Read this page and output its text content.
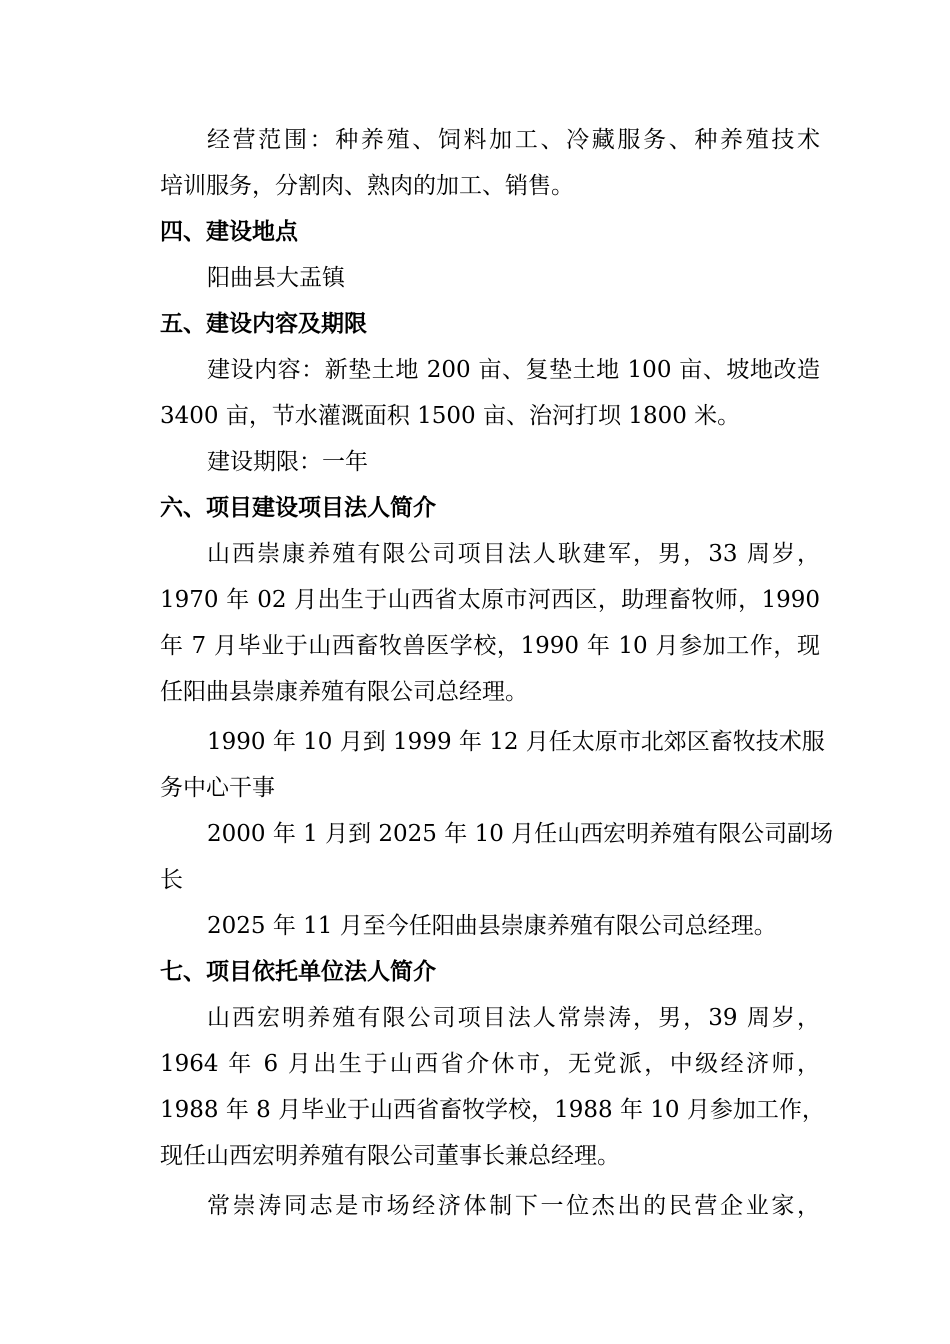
经营范围：种养殖、饲料加工、冷藏服务、种养殖技术
培训服务，分割肉、熟肉的加工、销售。
四、建设地点
阳曲县大盂镇
五、建设内容及期限
建设内容：新垫土地 200 亩、复垫土地 100 亩、坡地改造
3400 亩，节水灌溉面积 1500 亩、治河打坝 1800 米。
建设期限：一年
六、项目建设项目法人简介
山西崇康养殖有限公司项目法人耿建军，男，33 周岁，
1970 年 02 月出生于山西省太原市河西区，助理畜牧师，1990
年 7 月毕业于山西畜牧兽医学校，1990 年 10 月参加工作，现
任阳曲县崇康养殖有限公司总经理。
1990 年 10 月到 1999 年 12 月任太原市北郊区畜牧技术服
务中心干事
2000 年 1 月到 2025 年 10 月任山西宏明养殖有限公司副场
长
2025 年 11 月至今任阳曲县崇康养殖有限公司总经理。
七、项目依托单位法人简介
山西宏明养殖有限公司项目法人常崇涛，男，39 周岁，
1964 年 6 月出生于山西省介休市，无党派，中级经济师，
1988 年 8 月毕业于山西省畜牧学校，1988 年 10 月参加工作，
现任山西宏明养殖有限公司董事长兼总经理。
常崇涛同志是市场经济体制下一位杰出的民营企业家，
